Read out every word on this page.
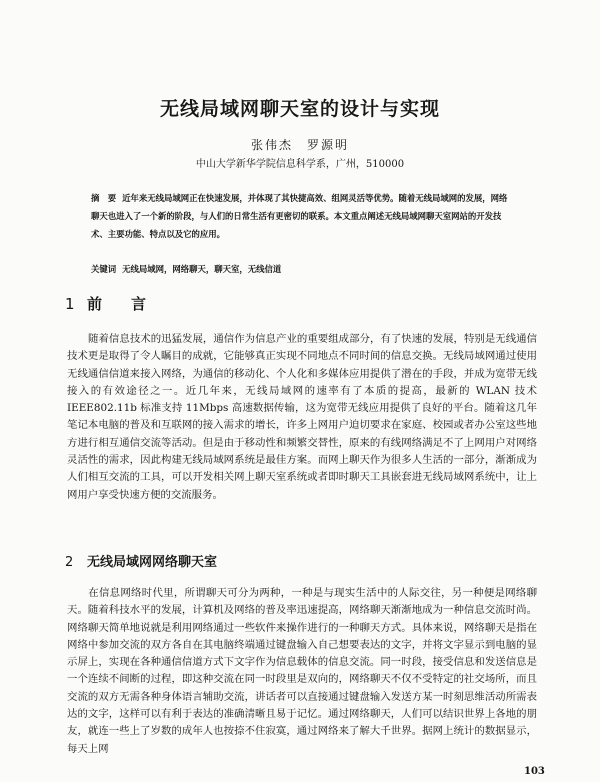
无线局域网聊天室的设计与实现
张伟杰　罗源明
中山大学新华学院信息科学系，广州，510000
摘　要 近年来无线局域网正在快速发展，并体现了其快捷高效、组网灵活等优势。随着无线局域网的发展，网络聊天也进入了一个新的阶段，与人们的日常生活有更密切的联系。本文重点阐述无线局域网聊天室网站的开发技术、主要功能、特点以及它的应用。
关键词 无线局域网，网络聊天，聊天室，无线信道
1 前　言
随着信息技术的迅猛发展，通信作为信息产业的重要组成部分，有了快速的发展，特别是无线通信技术更是取得了令人瞩目的成就，它能够真正实现不同地点不同时间的信息交换。无线局域网通过使用无线通信信道来接入网络，为通信的移动化、个人化和多媒体应用提供了潜在的手段，并成为宽带无线接入的有效途径之一。近几年来，无线局域网的速率有了本质的提高，最新的 WLAN 技术 IEEE802.11b 标准支持 11Mbps 高速数据传输，这为宽带无线应用提供了良好的平台。随着这几年笔记本电脑的普及和互联网的接入需求的增长，许多上网用户迫切要求在家庭、校园或者办公室这些地方进行相互通信交流等活动。但是由于移动性和频繁交替性，原来的有线网络满足不了上网用户对网络灵活性的需求，因此构建无线局域网系统是最佳方案。而网上聊天作为很多人生活的一部分，渐渐成为人们相互交流的工具，可以开发相关网上聊天室系统或者即时聊天工具嵌套进无线局域网系统中，让上网用户享受快速方便的交流服务。
2 无线局域网网络聊天室
在信息网络时代里，所谓聊天可分为两种，一种是与现实生活中的人际交往，另一种便是网络聊天。随着科技水平的发展，计算机及网络的普及率迅速提高，网络聊天渐渐地成为一种信息交流时尚。网络聊天简单地说就是利用网络通过一些软件来操作进行的一种聊天方式。具体来说，网络聊天是指在网络中参加交流的双方各自在其电脑终端通过键盘输入自己想要表达的文字，并将文字显示到电脑的显示屏上，实现在各种通信信道方式下文字作为信息载体的信息交流。同一时段，接受信息和发送信息是一个连续不间断的过程，即这种交流在同一时段里是双向的，网络聊天不仅不受特定的社交场所，而且交流的双方无需各种身体语言辅助交流，讲话者可以直接通过键盘输入发送方某一时刻思维活动所需表达的文字，这样可以有利于表达的准确清晰且易于记忆。通过网络聊天，人们可以结识世界上各地的朋友，就连一些上了岁数的成年人也按捺不住寂寞，通过网络来了解大千世界。据网上统计的数据显示，每天上网
103
